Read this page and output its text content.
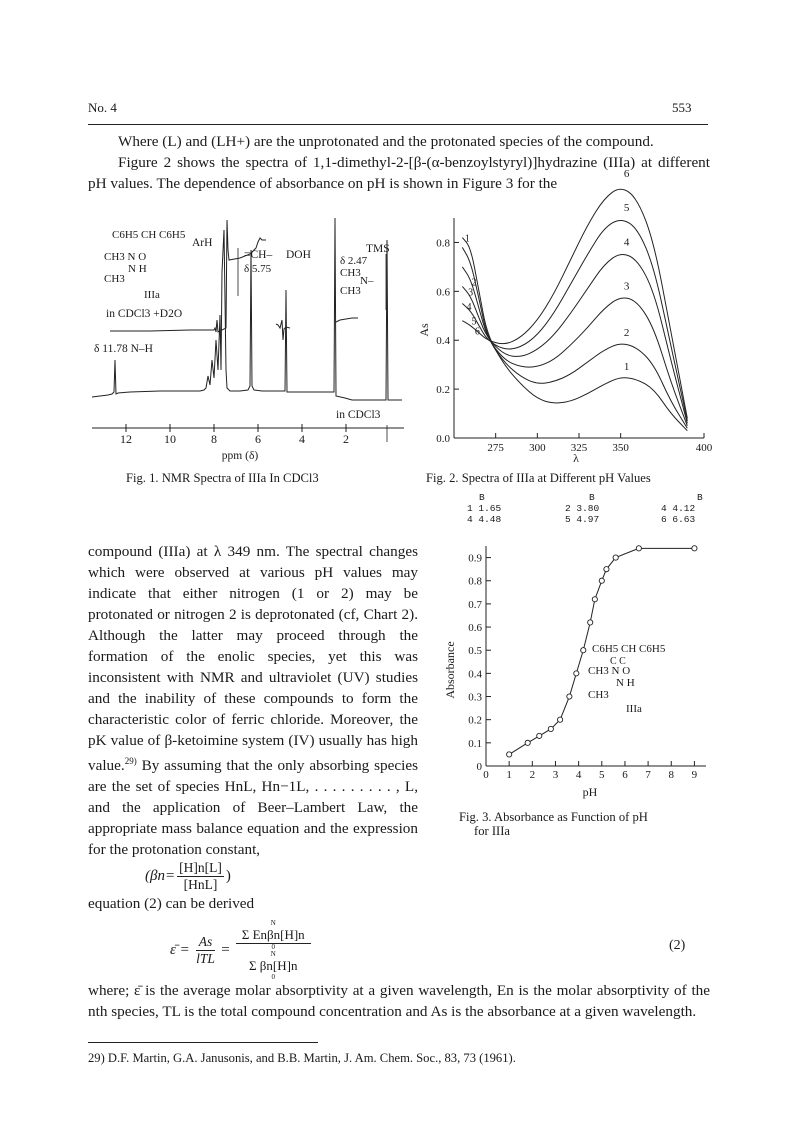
No. 4	553

Where (L) and (LH+) are the unprotonated and the protonated species of the compound.

Figure 2 shows the spectra of 1,1-dimethyl-2-[β-(α-benzoylstyryl)]hydrazine (IIIa) at different pH values. The dependence of absorbance on pH is shown in Figure 3 for the

12	10	8	6	4	2
ppm (δ)
C6H5 CH C6H5
ArH
CH3 N O
N H
CH3
IIIa
in CDCl3 +D2O
δ 11.78 N–H
=CH–
δ 5.75
DOH	TMS
δ 2.47
CH3
N–
CH3
in CDCl3
Fig. 1. NMR Spectra of IIIa In CDCl3
As
0.0
0.2
0.4
0.6
0.8
275 300 325 350	400
1
1
2
2	3
3
4
4
5
5
6
6
λ
Fig. 2. Spectra of IIIa at Different pH Values
B	B	B
1 1.65	2 3.80	4 4.12
4 4.48	5 4.97	6 6.63

compound (IIIa) at λ 349 nm. The spectral changes which were observed at various pH values may indicate that either nitrogen (1 or 2) may be protonated or nitrogen 2 is deprotonated (cf, Chart 2). Although the latter may proceed through the formation of the enolic species, yet this was inconsistent with NMR and ultraviolet (UV) studies and the inability of these compounds to form the characteristic color of ferric chloride. Moreover, the pK value of β-ketoimine system (IV) usually has high value.$^{29)}$ By assuming that the only absorbing species are the set of species HnL, Hn−1L, . . . . . . . . . , L, and the application of Beer–Lambert Law, the appropriate mass balance equation and the expression for the protonation constant,

(βn=
[H]n[L]
[HnL]
)
equation (2) can be derived
ε̄ =
As
lTL
=
N
Σ Enβn[H]n
0
N
Σ βn[H]n
0
(2)

where; ε̄ is the average molar absorptivity at a given wavelength, En is the molar absorptivity of the nth species, TL is the total compound concentration and As is the absorbance at a given wavelength.

29) D.F. Martin, G.A. Janusonis, and B.B. Martin, J. Am. Chem. Soc., 83, 73 (1961).
Absorbance
0
0.1
0.2
0.3
0.4
0.5
0.6
0.7
0.8
0.9
0 1 2 3 4 5 6 7 8 9
pH
C6H5 CH C6H5
C C
CH3 N O
N H
CH3
IIIa
Fig. 3. Absorbance as Function of pH
for IIIa
